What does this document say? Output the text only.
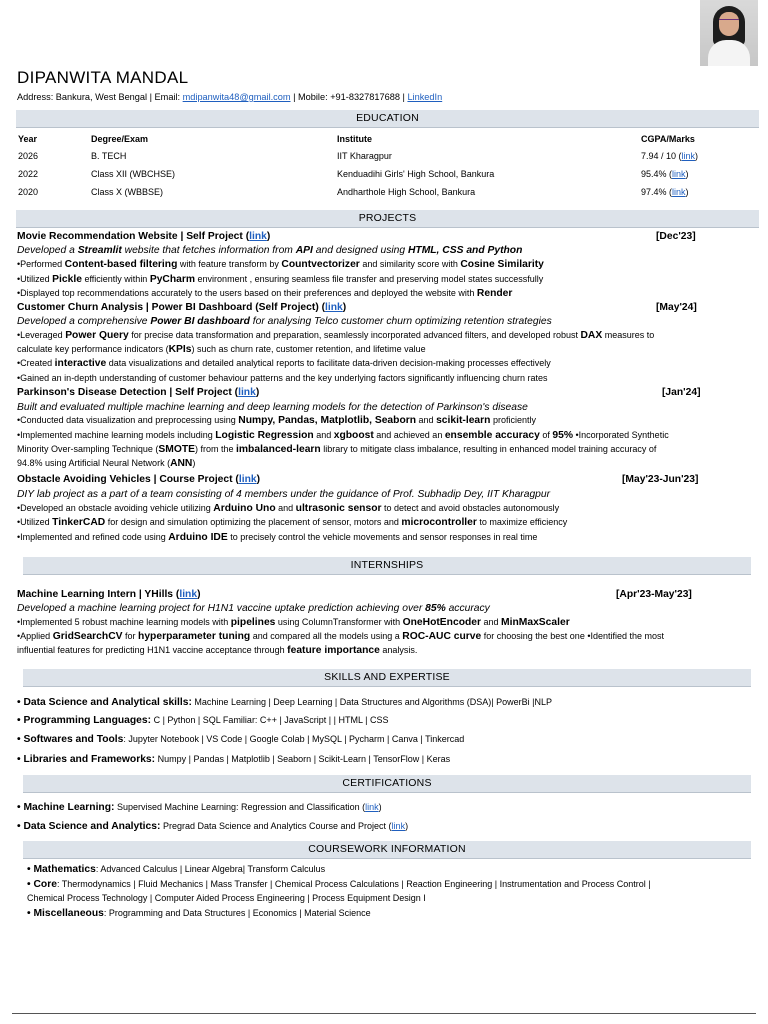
DIPANWITA MANDAL
Address: Bankura, West Bengal | Email: mdipanwita48@gmail.com | Mobile: +91-8327817688 | LinkedIn
EDUCATION
Year	Degree/Exam	Institute	CGPA/Marks
2026	B. TECH	IIT Kharagpur	7.94 / 10 (link)
2022	Class XII (WBCHSE)	Kenduadihi Girls' High School, Bankura	95.4% (link)
2020	Class X (WBBSE)	Andharthole High School, Bankura	97.4% (link)
PROJECTS
Movie Recommendation Website | Self Project (link)	[Dec'23]
Developed a Streamlit website that fetches information from API and designed using HTML, CSS and Python
•Performed Content-based filtering with feature transform by Countvectorizer and similarity score with Cosine Similarity
•Utilized Pickle efficiently within PyCharm environment , ensuring seamless file transfer and preserving model states successfully
•Displayed top recommendations accurately to the users based on their preferences and deployed the website with Render
Customer Churn Analysis | Power BI Dashboard (Self Project) (link)	[May'24]
Developed a comprehensive Power BI dashboard for analysing Telco customer churn optimizing retention strategies
•Leveraged Power Query for precise data transformation and preparation, seamlessly incorporated advanced filters, and developed robust DAX measures to
calculate key performance indicators (KPIs) such as churn rate, customer retention, and lifetime value
•Created interactive data visualizations and detailed analytical reports to facilitate data-driven decision-making processes effectively
•Gained an in-depth understanding of customer behaviour patterns and the key underlying factors significantly influencing churn rates
Parkinson's Disease Detection | Self Project (link)	[Jan'24]
Built and evaluated multiple machine learning and deep learning models for the detection of Parkinson's disease
•Conducted data visualization and preprocessing using Numpy, Pandas, Matplotlib, Seaborn and scikit-learn proficiently
•Implemented machine learning models including Logistic Regression and xgboost and achieved an ensemble accuracy of 95% •Incorporated Synthetic
Minority Over-sampling Technique (SMOTE) from the imbalanced-learn library to mitigate class imbalance, resulting in enhanced model training accuracy of
94.8% using Artificial Neural Network (ANN)
Obstacle Avoiding Vehicles | Course Project (link)	[May'23-Jun'23]
DIY lab project as a part of a team consisting of 4 members under the guidance of Prof. Subhadip Dey, IIT Kharagpur
•Developed an obstacle avoiding vehicle utilizing Arduino Uno and ultrasonic sensor to detect and avoid obstacles autonomously
•Utilized TinkerCAD for design and simulation optimizing the placement of sensor, motors and microcontroller to maximize efficiency
•Implemented and refined code using Arduino IDE to precisely control the vehicle movements and sensor responses in real time
INTERNSHIPS
Machine Learning Intern | YHills (link)	[Apr'23-May'23]
Developed a machine learning project for H1N1 vaccine uptake prediction achieving over 85% accuracy
•Implemented 5 robust machine learning models with pipelines using ColumnTransformer with OneHotEncoder and MinMaxScaler
•Applied GridSearchCV for hyperparameter tuning and compared all the models using a ROC-AUC curve for choosing the best one •Identified the most
influential features for predicting H1N1 vaccine acceptance through feature importance analysis.
SKILLS AND EXPERTISE
• Data Science and Analytical skills: Machine Learning | Deep Learning | Data Structures and Algorithms (DSA)| PowerBi |NLP
• Programming Languages: C | Python | SQL Familiar: C++ | JavaScript | | HTML | CSS
• Softwares and Tools: Jupyter Notebook | VS Code | Google Colab | MySQL | Pycharm | Canva | Tinkercad
• Libraries and Frameworks: Numpy | Pandas | Matplotlib | Seaborn | Scikit-Learn | TensorFlow | Keras
CERTIFICATIONS
• Machine Learning: Supervised Machine Learning: Regression and Classification (link)
• Data Science and Analytics: Pregrad Data Science and Analytics Course and Project (link)
COURSEWORK INFORMATION
• Mathematics: Advanced Calculus | Linear Algebra| Transform Calculus
• Core: Thermodynamics | Fluid Mechanics | Mass Transfer | Chemical Process Calculations | Reaction Engineering | Instrumentation and Process Control |
Chemical Process Technology | Computer Aided Process Engineering | Process Equipment Design I
• Miscellaneous: Programming and Data Structures | Economics | Material Science
